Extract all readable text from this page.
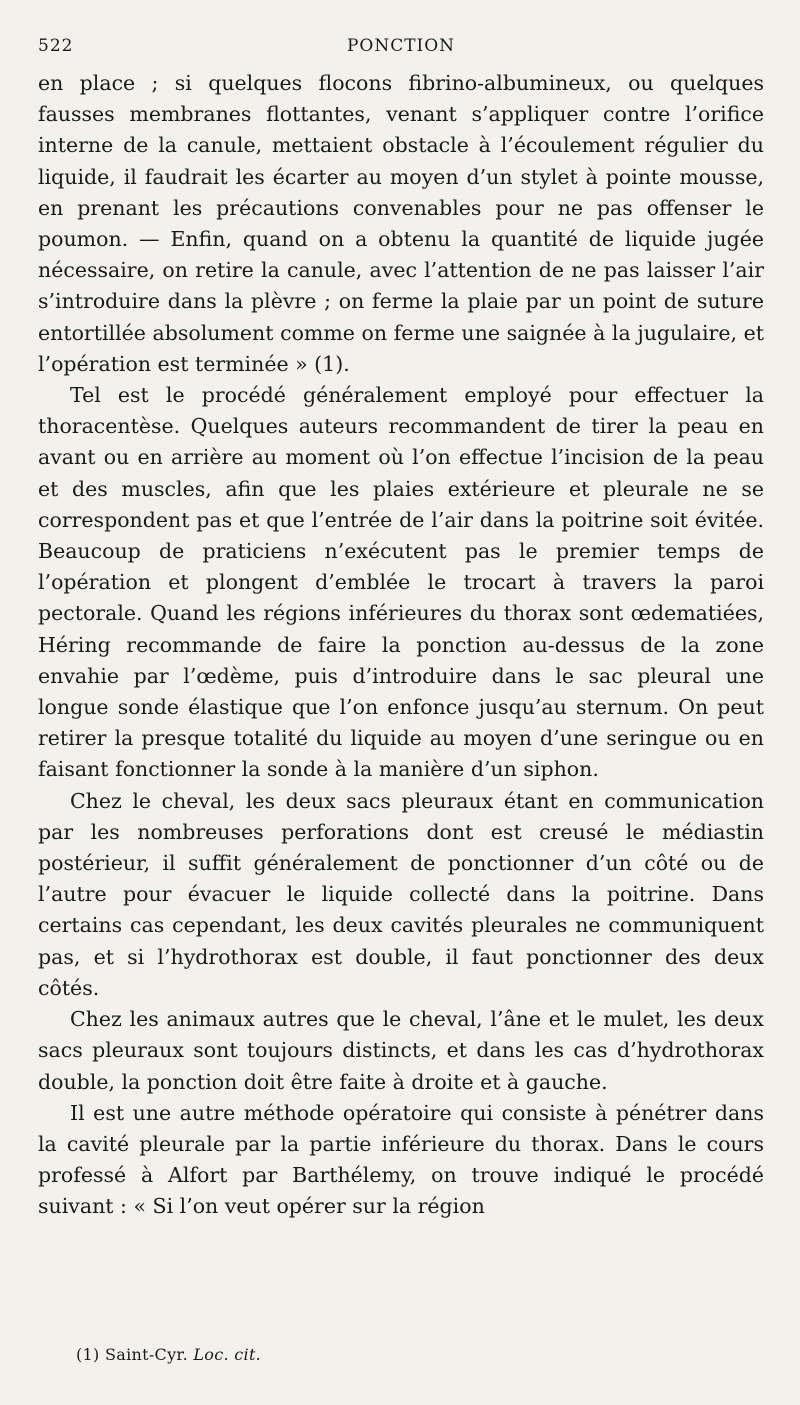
522	PONCTION

en place ; si quelques flocons fibrino-albumineux, ou quelques fausses membranes flottantes, venant s’appliquer contre l’orifice interne de la canule, mettaient obstacle à l’écoulement régulier du liquide, il faudrait les écarter au moyen d’un stylet à pointe mousse, en prenant les précautions convenables pour ne pas offenser le poumon. — Enfin, quand on a obtenu la quantité de liquide jugée nécessaire, on retire la canule, avec l’attention de ne pas laisser l’air s’introduire dans la plèvre ; on ferme la plaie par un point de suture entortillée absolument comme on ferme une saignée à la jugulaire, et l’opération est terminée » (1).

Tel est le procédé généralement employé pour effectuer la thoracentèse. Quelques auteurs recommandent de tirer la peau en avant ou en arrière au moment où l’on effectue l’incision de la peau et des muscles, afin que les plaies extérieure et pleurale ne se correspondent pas et que l’entrée de l’air dans la poitrine soit évitée. Beaucoup de praticiens n’exécutent pas le premier temps de l’opération et plongent d’emblée le trocart à travers la paroi pectorale. Quand les régions inférieures du thorax sont œdematiées, Héring recommande de faire la ponction au-dessus de la zone envahie par l’œdème, puis d’introduire dans le sac pleural une longue sonde élastique que l’on enfonce jusqu’au sternum. On peut retirer la presque totalité du liquide au moyen d’une seringue ou en faisant fonctionner la sonde à la manière d’un siphon.

Chez le cheval, les deux sacs pleuraux étant en communication par les nombreuses perforations dont est creusé le médiastin postérieur, il suffit généralement de ponctionner d’un côté ou de l’autre pour évacuer le liquide collecté dans la poitrine. Dans certains cas cependant, les deux cavités pleurales ne communiquent pas, et si l’hydrothorax est double, il faut ponctionner des deux côtés.

Chez les animaux autres que le cheval, l’âne et le mulet, les deux sacs pleuraux sont toujours distincts, et dans les cas d’hydrothorax double, la ponction doit être faite à droite et à gauche.

Il est une autre méthode opératoire qui consiste à pénétrer dans la cavité pleurale par la partie inférieure du thorax. Dans le cours professé à Alfort par Barthélemy, on trouve indiqué le procédé suivant : « Si l’on veut opérer sur la région

(1) Saint-Cyr. Loc. cit.
